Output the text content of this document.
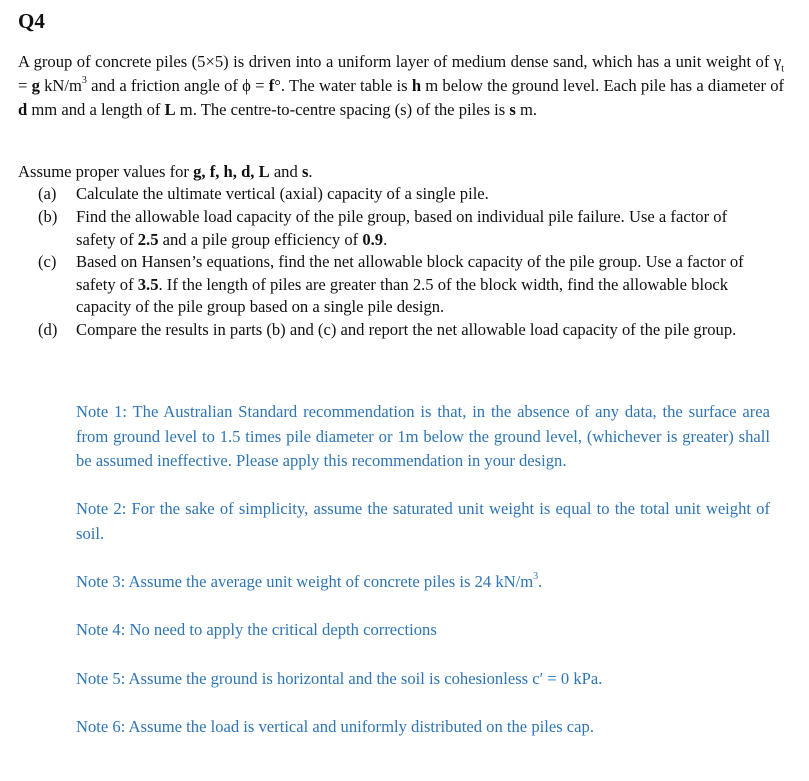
Q4

A group of concrete piles (5×5) is driven into a uniform layer of medium dense sand, which has a unit weight of $\gamma_t = g$ $kN/m^3$ and a friction angle of ϕ = f°. The water table is h m below the ground level. Each pile has a diameter of d mm and a length of L m. The centre-to-centre spacing (s) of the piles is s m.

Assume proper values for g, f, h, d, L and s.

(a) Calculate the ultimate vertical (axial) capacity of a single pile.
(b) Find the allowable load capacity of the pile group, based on individual pile failure. Use a factor of safety of 2.5 and a pile group efficiency of 0.9.
(c) Based on Hansen’s equations, find the net allowable block capacity of the pile group. Use a factor of safety of 3.5. If the length of piles are greater than 2.5 of the block width, find the allowable block capacity of the pile group based on a single pile design.
(d) Compare the results in parts (b) and (c) and report the net allowable load capacity of the pile group.
Note 1: The Australian Standard recommendation is that, in the absence of any data, the surface area from ground level to 1.5 times pile diameter or 1m below the ground level, (whichever is greater) shall be assumed ineffective. Please apply this recommendation in your design.
Note 2: For the sake of simplicity, assume the saturated unit weight is equal to the total unit weight of soil.
Note 3: Assume the average unit weight of concrete piles is 24 $kN/m^3$.
Note 4: No need to apply the critical depth corrections
Note 5: Assume the ground is horizontal and the soil is cohesionless c′ = 0 kPa.
Note 6: Assume the load is vertical and uniformly distributed on the piles cap.
